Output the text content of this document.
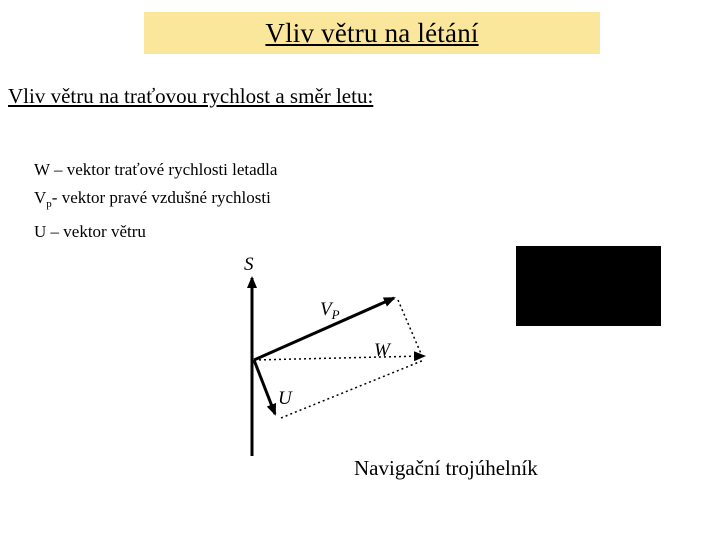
Vliv větru na létání
Vliv větru na traťovou rychlost a směr letu:
W – vektor traťové rychlosti letadla
$V_p-$ vektor pravé vzdušné rychlosti
U – vektor větru
S
$V_P$
W
U
Navigační trojúhelník
